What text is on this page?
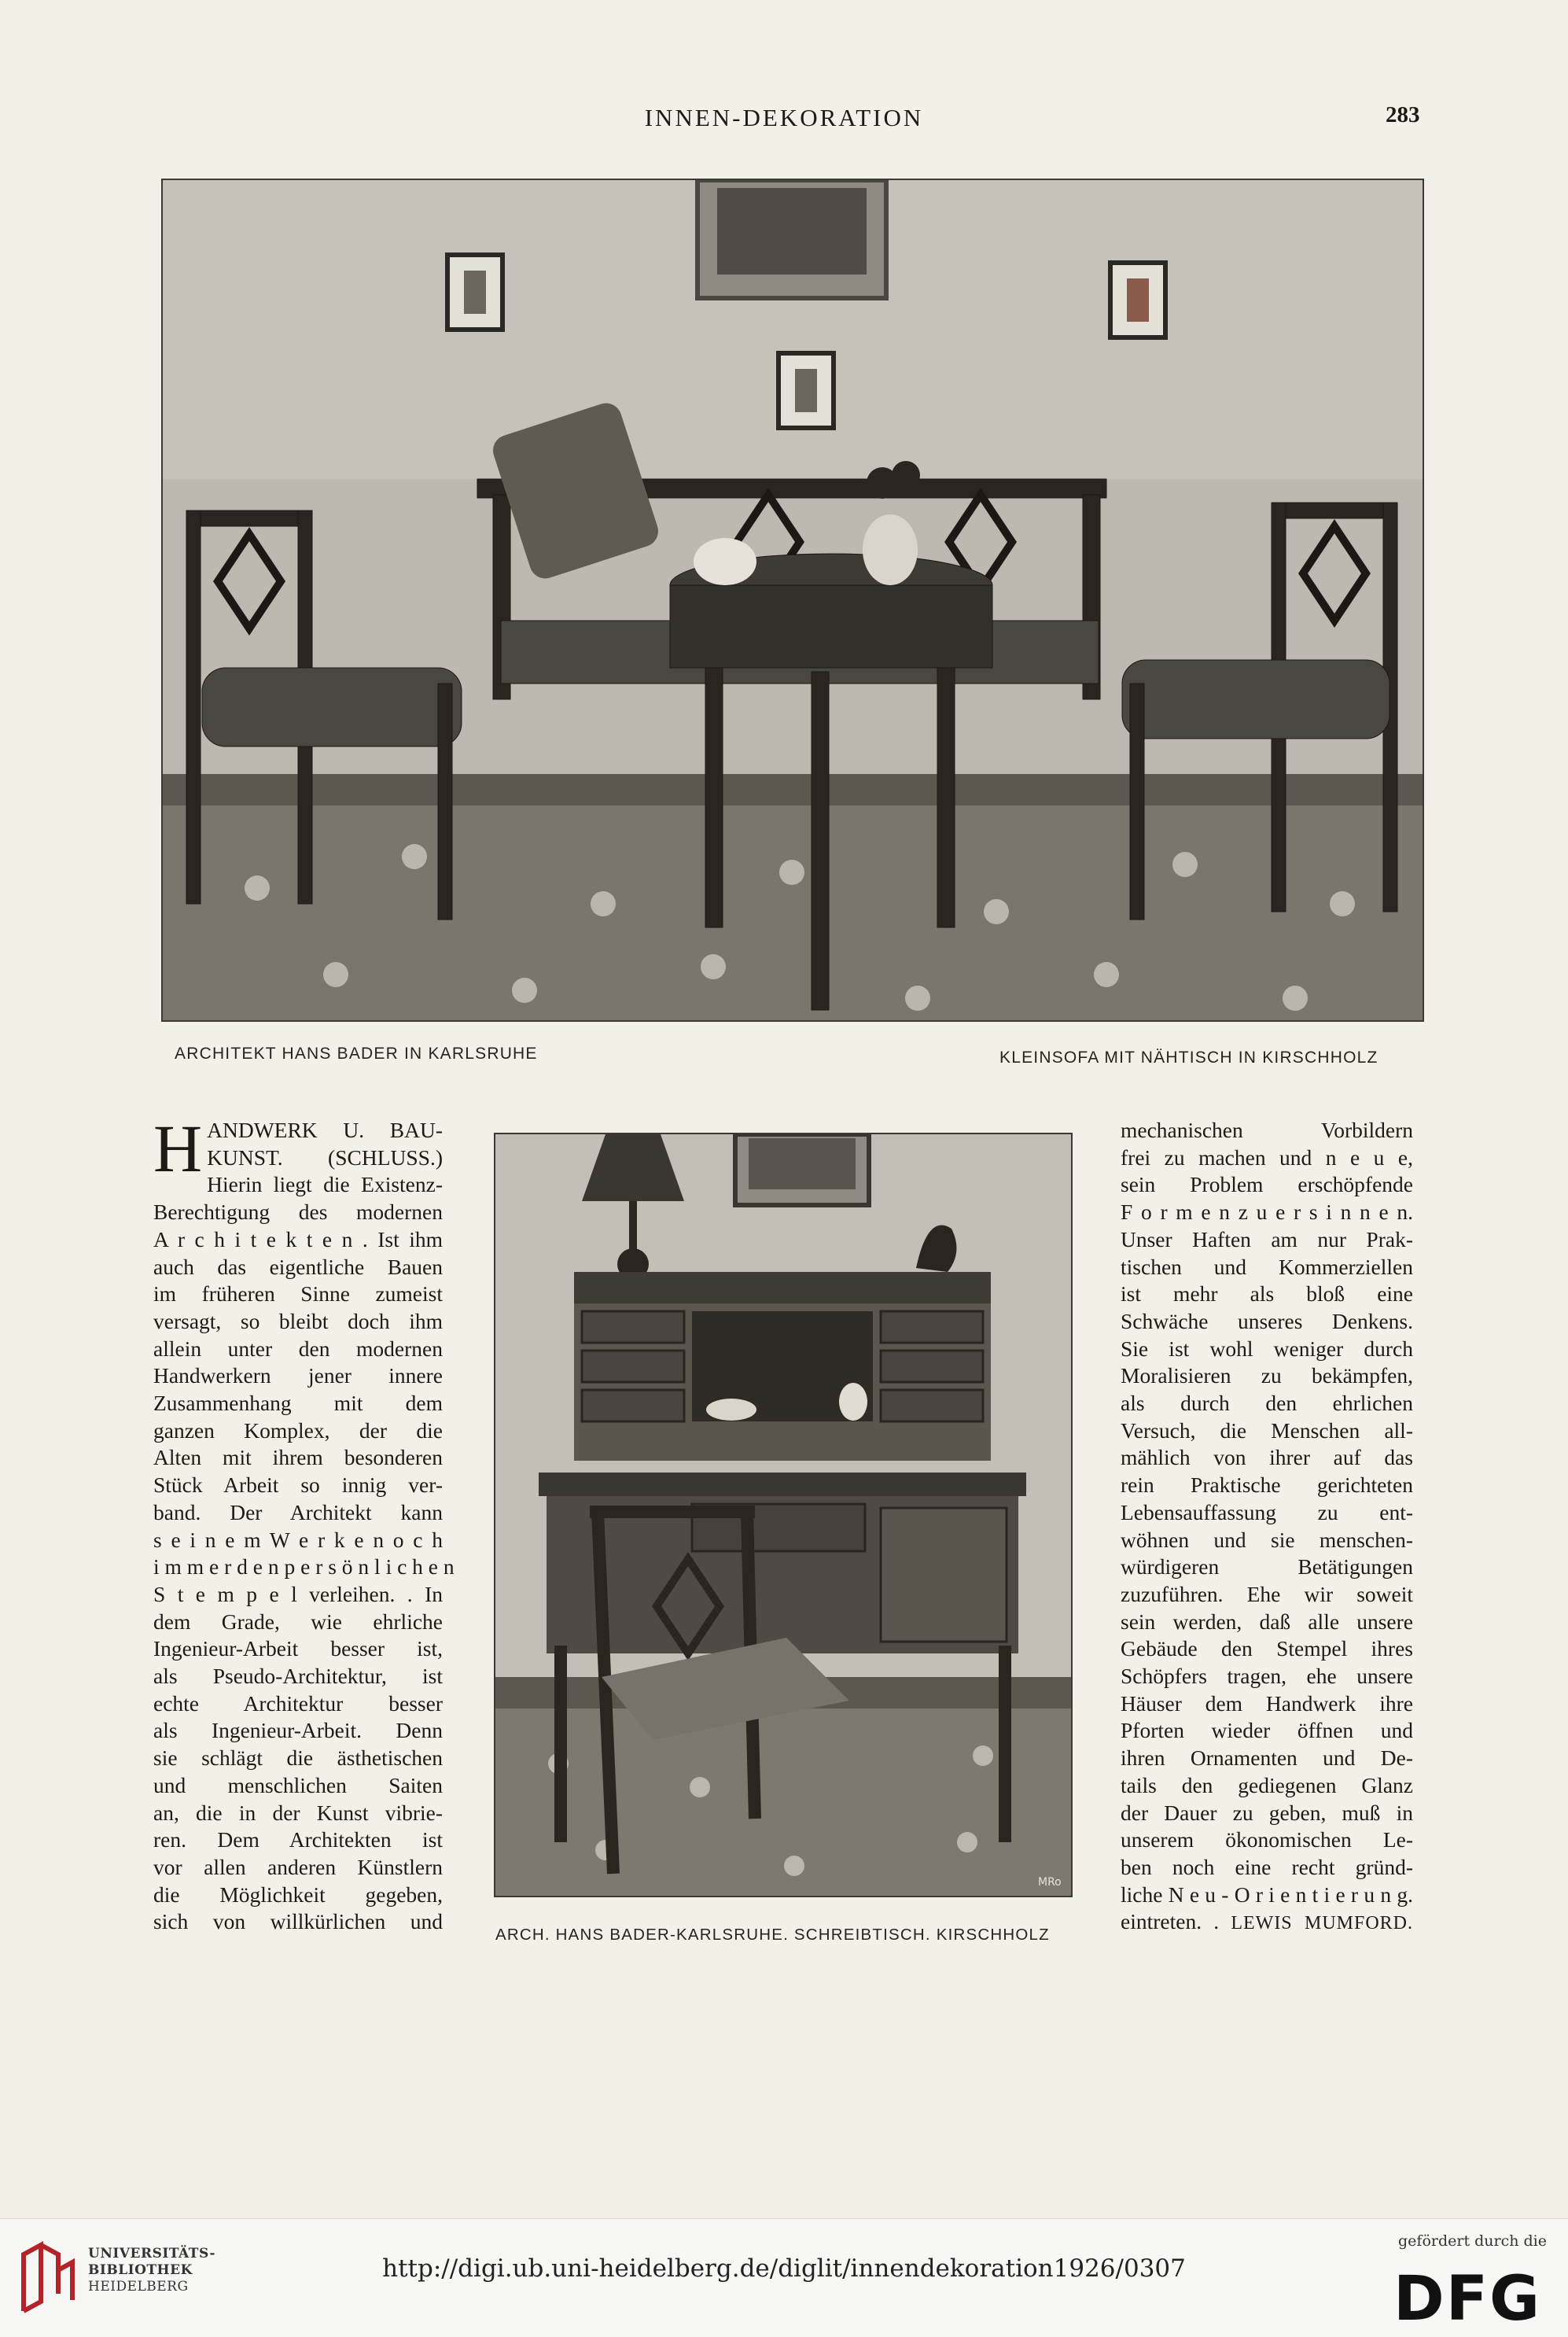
INNEN-DEKORATION	283
ARCHITEKT HANS BADER IN KARLSRUHE	KLEINSOFA MIT NÄHTISCH IN KIRSCHHOLZ
MRo
ARCH. HANS BADER-KARLSRUHE. SCHREIBTISCH. KIRSCHHOLZ
H ANDWERK U. BAU-
KUNST. (SCHLUSS.)
Hierin liegt die Existenz-
Berechtigung des modernen
A r c h i t e k t e n . Ist ihm
auch das eigentliche Bauen
im früheren Sinne zumeist
versagt, so bleibt doch ihm
allein unter den modernen
Handwerkern jener innere
Zusammenhang mit dem
ganzen Komplex, der die
Alten mit ihrem besonderen
Stück Arbeit so innig ver-
band. Der Architekt kann
s e i n e m W e r k e n o c h
i m m e r d e n p e r s ö n l i c h e n
S t e m p e l verleihen. . In
dem Grade, wie ehrliche
Ingenieur-Arbeit besser ist,
als Pseudo-Architektur, ist
echte Architektur besser
als Ingenieur-Arbeit. Denn
sie schlägt die ästhetischen
und menschlichen Saiten
an, die in der Kunst vibrie-
ren. Dem Architekten ist
vor allen anderen Künstlern
die Möglichkeit gegeben,
sich von willkürlichen und
mechanischen Vorbildern
frei zu machen und n e u e,
sein Problem erschöpfende
F o r m e n z u e r s i n n e n.
Unser Haften am nur Prak-
tischen und Kommerziellen
ist mehr als bloß eine
Schwäche unseres Denkens.
Sie ist wohl weniger durch
Moralisieren zu bekämpfen,
als durch den ehrlichen
Versuch, die Menschen all-
mählich von ihrer auf das
rein Praktische gerichteten
Lebensauffassung zu ent-
wöhnen und sie menschen-
würdigeren Betätigungen
zuzuführen. Ehe wir soweit
sein werden, daß alle unsere
Gebäude den Stempel ihres
Schöpfers tragen, ehe unsere
Häuser dem Handwerk ihre
Pforten wieder öffnen und
ihren Ornamenten und De-
tails den gediegenen Glanz
der Dauer zu geben, muß in
unserem ökonomischen Le-
ben noch eine recht gründ-
liche N e u - O r i e n t i e r u n g.
eintreten. . LEWIS MUMFORD.
UNIVERSITÄTS-
BIBLIOTHEK
HEIDELBERG
http://digi.ub.uni-heidelberg.de/diglit/innendekoration1926/0307
gefördert durch die
DFG
